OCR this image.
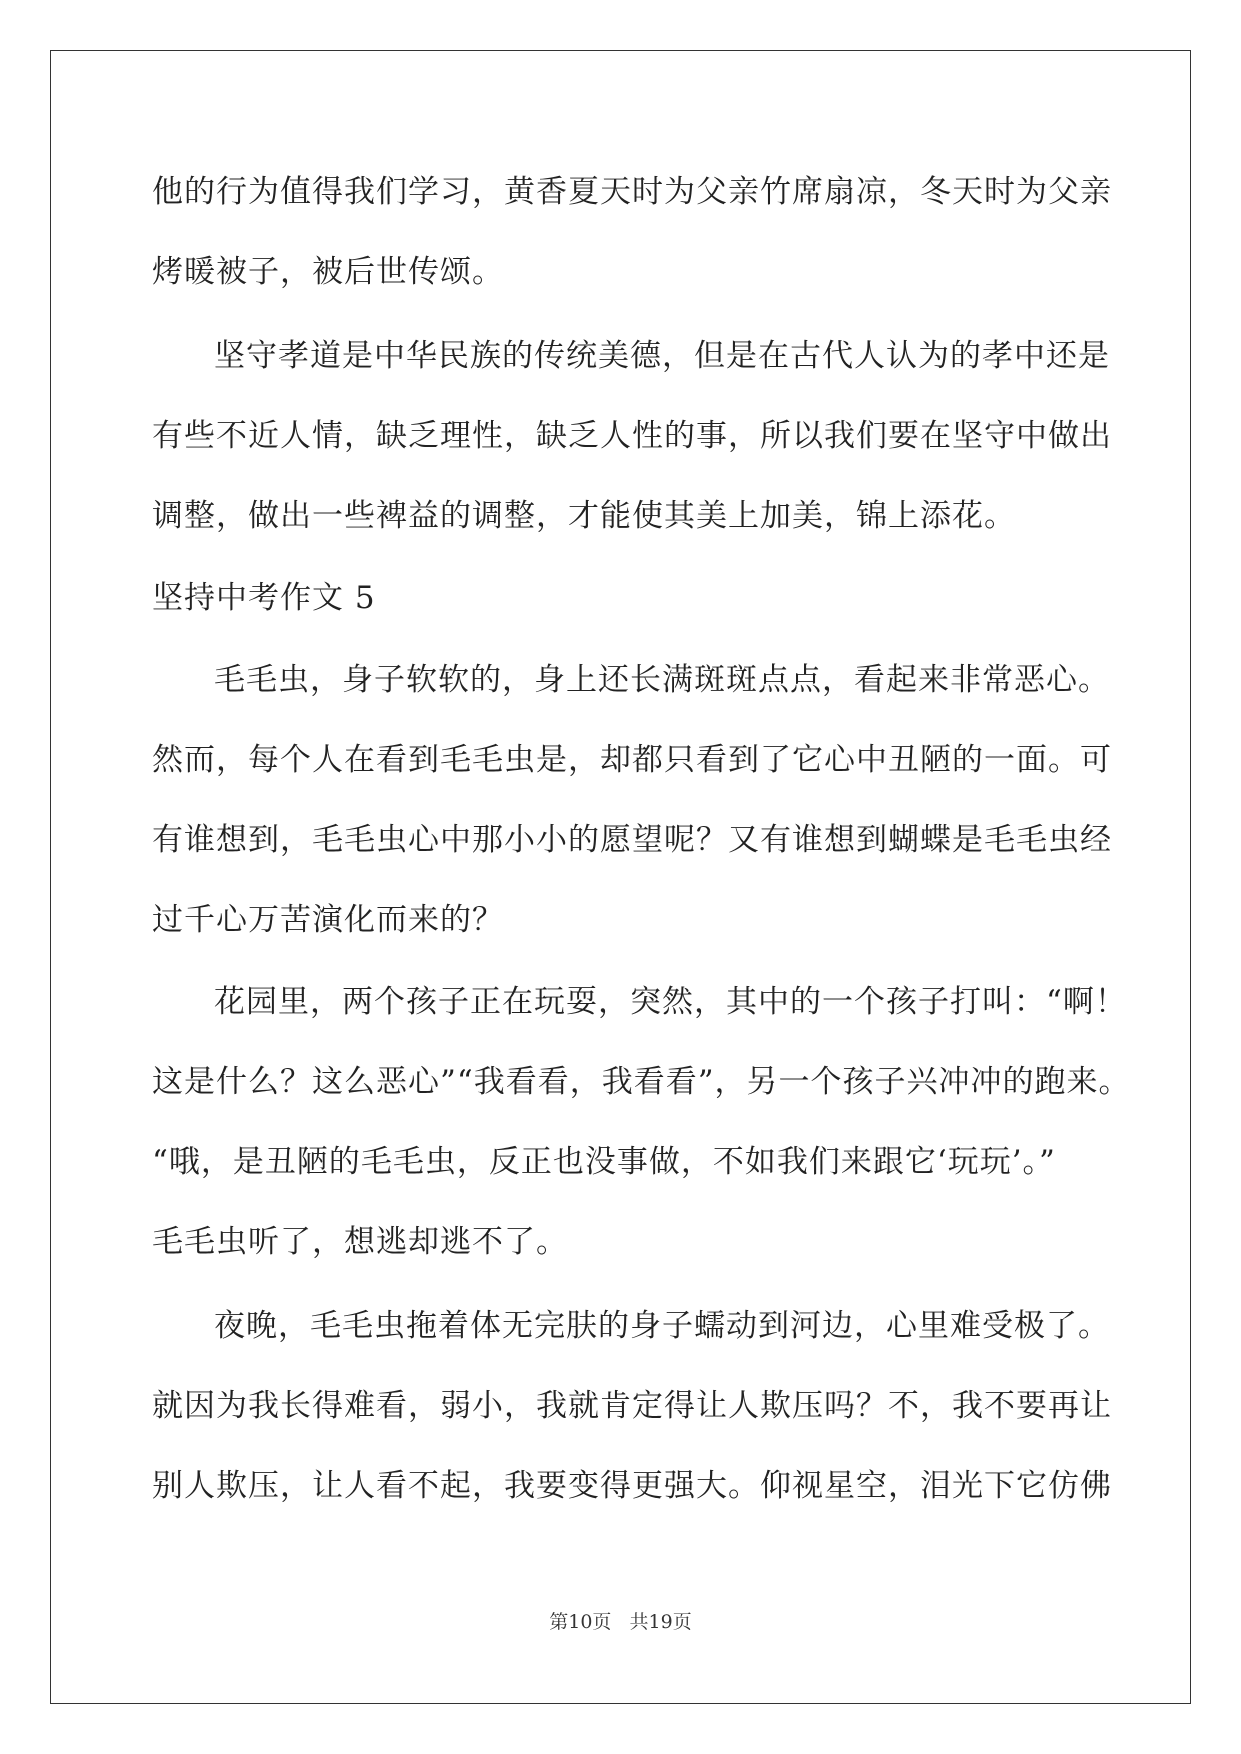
他的行为值得我们学习，黄香夏天时为父亲竹席扇凉，冬天时为父亲
烤暖被子，被后世传颂。
坚守孝道是中华民族的传统美德，但是在古代人认为的孝中还是
有些不近人情，缺乏理性，缺乏人性的事，所以我们要在坚守中做出
调整，做出一些裨益的调整，才能使其美上加美，锦上添花。
坚持中考作文 5
毛毛虫，身子软软的，身上还长满斑斑点点，看起来非常恶心。
然而，每个人在看到毛毛虫是，却都只看到了它心中丑陋的一面。可
有谁想到，毛毛虫心中那小小的愿望呢？又有谁想到蝴蝶是毛毛虫经
过千心万苦演化而来的？
花园里，两个孩子正在玩耍，突然，其中的一个孩子打叫：“啊！
这是什么？这么恶心”“我看看，我看看”，另一个孩子兴冲冲的跑来。
“哦，是丑陋的毛毛虫，反正也没事做，不如我们来跟它‘玩玩’。”
毛毛虫听了，想逃却逃不了。
夜晚，毛毛虫拖着体无完肤的身子蠕动到河边，心里难受极了。
就因为我长得难看，弱小，我就肯定得让人欺压吗？不，我不要再让
别人欺压，让人看不起，我要变得更强大。仰视星空，泪光下它仿佛
第10页   共19页
